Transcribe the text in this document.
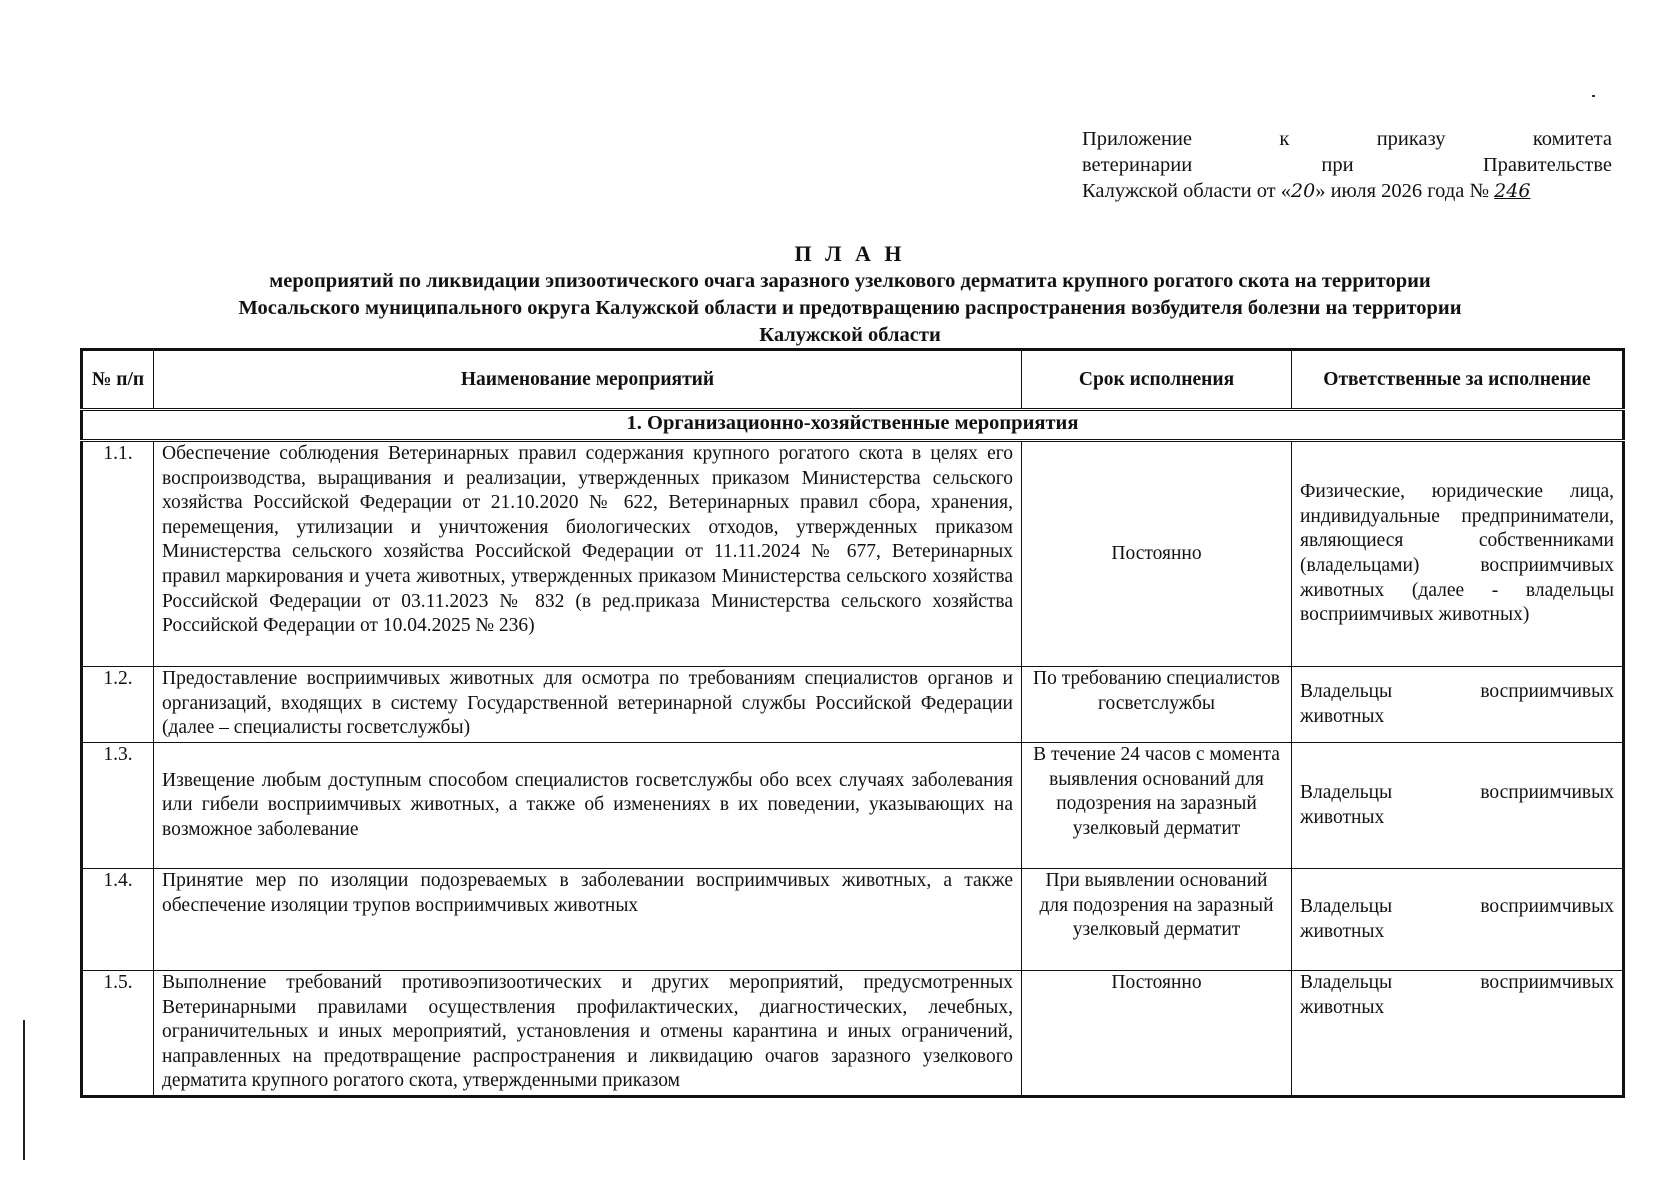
Приложение	к	приказу	комитета
ветеринарии	при	Правительстве
Калужской области от «20» июля 2026 года № 246
П Л А Н
мероприятий по ликвидации эпизоотического очага заразного узелкового дерматита крупного рогатого скота на территории
Мосальского муниципального округа Калужской области и предотвращению распространения возбудителя болезни на территории
Калужской области
№ п/п	Наименование мероприятий	Срок исполнения	Ответственные за исполнение
1. Организационно-хозяйственные мероприятия			
1.1.	Обеспечение соблюдения Ветеринарных правил содержания крупного рогатого скота в целях его воспроизводства, выращивания и реализации, утвержденных приказом Министерства сельского хозяйства Российской Федерации от 21.10.2020 № 622, Ветеринарных правил сбора, хранения, перемещения, утилизации и уничтожения биологических отходов, утвержденных приказом Министерства сельского хозяйства Российской Федерации от 11.11.2024 № 677, Ветеринарных правил маркирования и учета животных, утвержденных приказом Министерства сельского хозяйства Российской Федерации от 03.11.2023 № 832 (в ред.приказа Министерства сельского хозяйства Российской Федерации от 10.04.2025 № 236)	Постоянно	Физические, юридические лица, индивидуальные предприниматели, являющиеся собственниками (владельцами) восприимчивых животных (далее - владельцы восприимчивых животных)
1.2.	Предоставление восприимчивых животных для осмотра по требованиям специалистов органов и организаций, входящих в систему Государственной ветеринарной службы Российской Федерации (далее – специалисты госветслужбы)	По требованию специалистов госветслужбы	Владельцы восприимчивых животных
1.3.	Извещение любым доступным способом специалистов госветслужбы обо всех случаях заболевания или гибели восприимчивых животных, а также об изменениях в их поведении, указывающих на возможное заболевание	В течение 24 часов с момента выявления оснований для подозрения на заразный узелковый дерматит	Владельцы восприимчивых животных
1.4.	Принятие мер по изоляции подозреваемых в заболевании восприимчивых животных, а также обеспечение изоляции трупов восприимчивых животных	При выявлении оснований для подозрения на заразный узелковый дерматит	Владельцы восприимчивых животных
1.5.	Выполнение требований противоэпизоотических и других мероприятий, предусмотренных Ветеринарными правилами осуществления профилактических, диагностических, лечебных, ограничительных и иных мероприятий, установления и отмены карантина и иных ограничений, направленных на предотвращение распространения и ликвидацию очагов заразного узелкового дерматита крупного рогатого скота, утвержденными приказом	Постоянно	Владельцы восприимчивых животных
